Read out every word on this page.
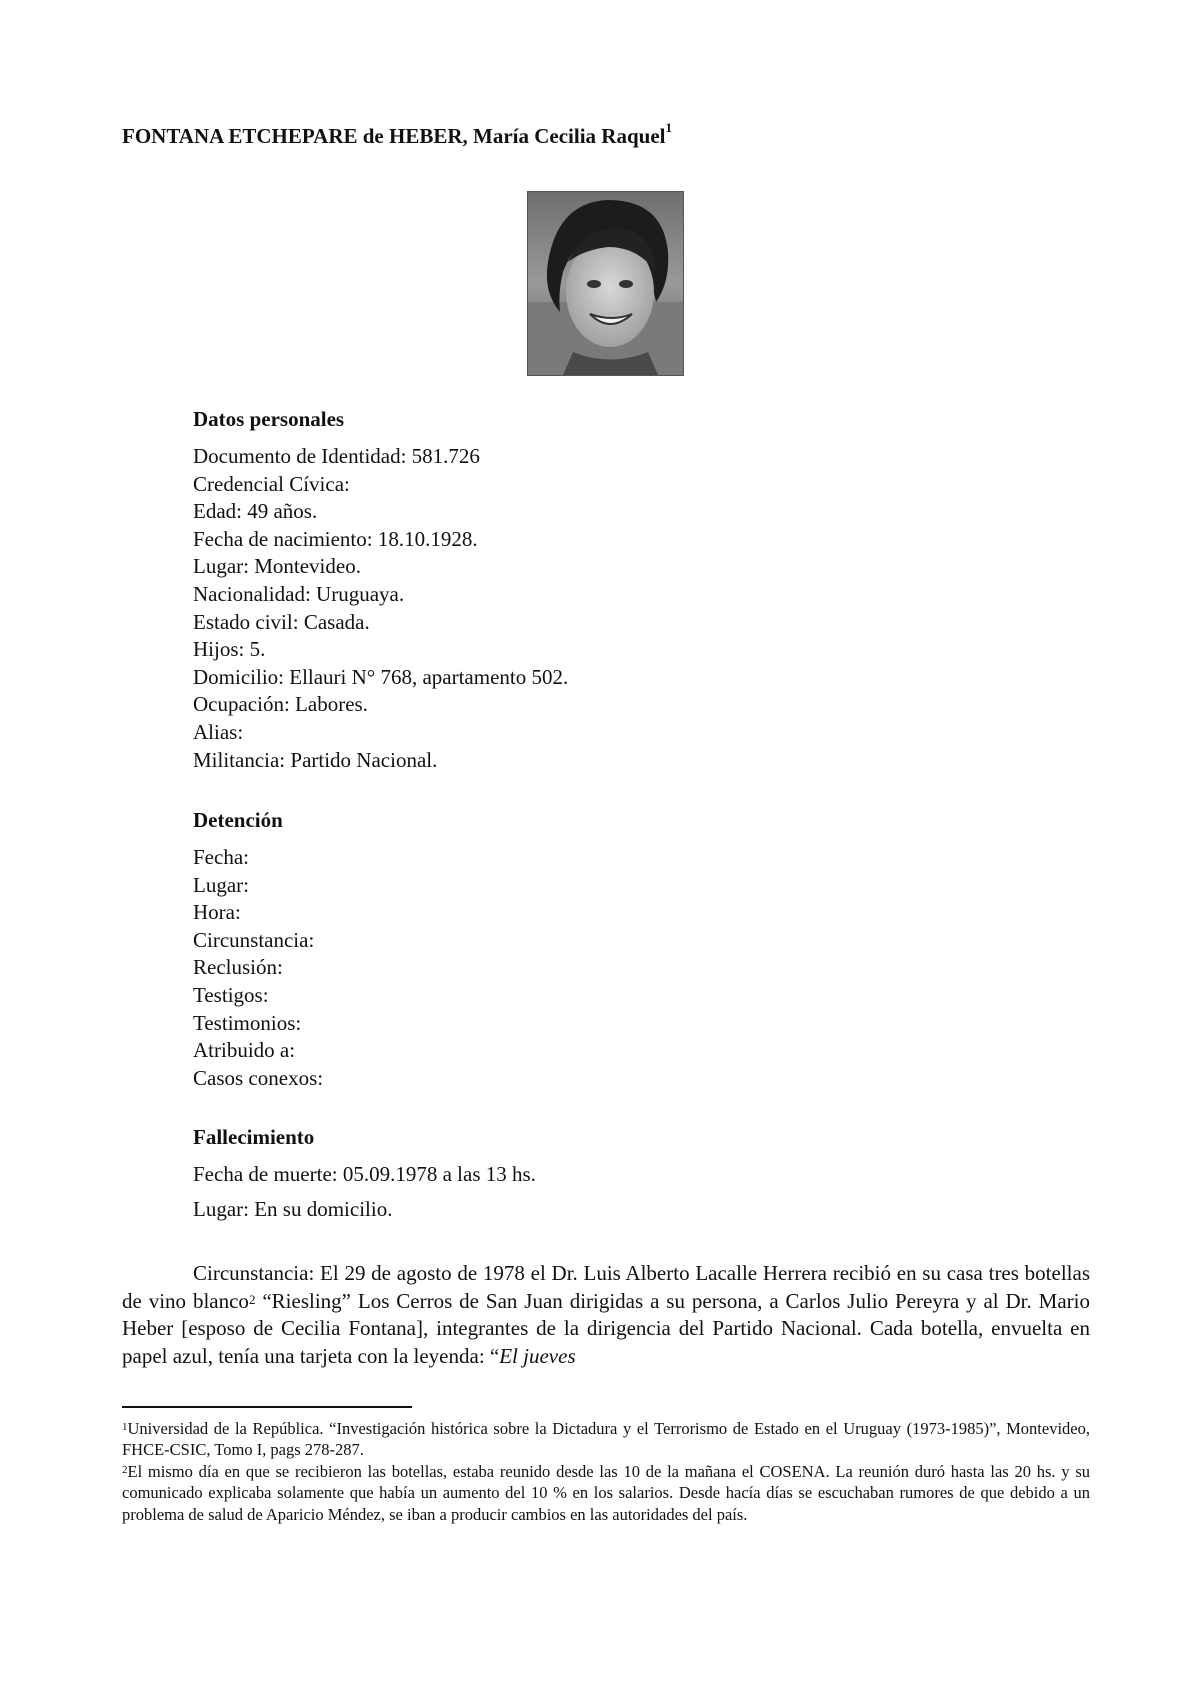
FONTANA ETCHEPARE de HEBER, María Cecilia Raquel$^1$
Datos personales
Documento de Identidad: 581.726
Credencial Cívica:
Edad: 49 años.
Fecha de nacimiento: 18.10.1928.
Lugar: Montevideo.
Nacionalidad: Uruguaya.
Estado civil: Casada.
Hijos: 5.
Domicilio: Ellauri N° 768, apartamento 502.
Ocupación: Labores.
Alias:
Militancia: Partido Nacional.
Detención
Fecha:
Lugar:
Hora:
Circunstancia:
Reclusión:
Testigos:
Testimonios:
Atribuido a:
Casos conexos:
Fallecimiento
Fecha de muerte: 05.09.1978 a las 13 hs.
Lugar: En su domicilio.

Circunstancia: El 29 de agosto de 1978 el Dr. Luis Alberto Lacalle Herrera recibió en su casa tres botellas de vino blanco$^2$ “Riesling” Los Cerros de San Juan dirigidas a su persona, a Carlos Julio Pereyra y al Dr. Mario Heber [esposo de Cecilia Fontana], integrantes de la dirigencia del Partido Nacional. Cada botella, envuelta en papel azul, tenía una tarjeta con la leyenda: “El jueves

$^1$Universidad de la República. “Investigación histórica sobre la Dictadura y el Terrorismo de Estado en el Uruguay (1973-1985)”, Montevideo, FHCE-CSIC, Tomo I, pags 278-287.

$^2$El mismo día en que se recibieron las botellas, estaba reunido desde las 10 de la mañana el COSENA. La reunión duró hasta las 20 hs. y su comunicado explicaba solamente que había un aumento del 10 % en los salarios. Desde hacía días se escuchaban rumores de que debido a un problema de salud de Aparicio Méndez, se iban a producir cambios en las autoridades del país.
